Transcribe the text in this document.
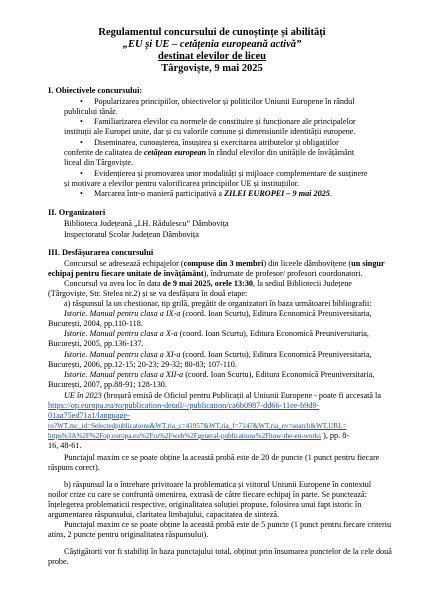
Regulamentul concursului de cunoștințe și abilități
„EU și UE – cetățenia europeană activă”
destinat elevilor de liceu
Târgoviște, 9 mai 2025
I. Obiectivele concursului:
• Popularizarea principiilor, obiectivelor și politicilor Uniunii Europene în rândul
publicului tânăr.
• Familiarizarea elevilor cu normele de constituire și funcționare ale principalelor
instituții ale Europei unite, dar și cu valorile comune și dimensiunile identității europene.
• Diseminarea, cunoașterea, însușirea și exercitarea atributelor și obligațiilor
conferite de calitatea de cetățean european în rândul elevilor din unitățile de învățământ
liceal din Târgoviște.
• Evidențierea și promovarea unor modalități și mijloace complementare de susținere
și motivare a elevilor pentru valorificarea principiilor UE și instituțiilor.
• Marcarea într-o manieră participativă a ZILEI EUROPEI – 9 mai 2025.
II. Organizatori
Biblioteca Județeană „I.H. Rădulescu” Dâmbovița
Inspectoratul Școlar Județean Dâmbovița
III. Desfășurarea concursului
Concursul se adresează echipajelor (compuse din 3 membri) din liceele dâmbovițene (un singur
echipaj pentru fiecare unitate de învățământ), îndrumate de profesor/ profesori coordonatori.
Concursul va avea loc în data de 9 mai 2025, orele 13:30, la sediul Bibliotecii Județene
(Târgoviște, Str. Stelea nr.2) și se va desfășura în două etape:
a) răspunsul la un chestionar, tip grilă, pregătit de organizatori în baza următoarei bibliografii:
Istorie. Manual pentru clasa a IX-a (coord. Ioan Scurtu), Editura Economică Preuniversitaria,
București, 2004, pp.110-118.
Istorie. Manual pentru clasa a X-a (coord. Ioan Scurtu), Editura Economică Preuniversitaria,
București, 2005, pp.136-137.
Istorie. Manual pentru clasa a XI-a (coord. Ioan Scurtu), Editura Economică Preuniversitaria,
București, 2006, pp.12-15; 20-23; 29-32; 80-83; 107-110.
Istorie. Manual pentru clasa a XII-a (coord. Ioan Scurtu), Editura Economică Preuniversitaria,
București, 2007, pp.88-91; 128-130.
UE în 2023 (broșură emisă de Oficiul pentru Publicații al Uniunii Europene - poate fi accesată la
https://op.europa.eu/ro/publication-detail/-/publication/ca6b0987-dd66-11ee-b9d9-
01aa75ed71a1/language-
ro?WT.mc_id=Selectedpublications&WT.ria_c=41957&WT.ria_f=7147&WT.ria_ev=search&WT.URL=
https%3A%2F%2Fop.europa.eu%2Fro%2Fweb%2Fgeneral-publications%2Fhow-the-eu-works ), pp. 8-
16, 48-61.
Punctajul maxim ce se poate obține la această probă este de 20 de puncte (1 punct pentru fiecare
răspuns corect).
b) răspunsul la o întrebare privitoare la problematica și viitorul Uniunii Europene în contextul
noilor crize cu care se confruntă omenirea, extrasă de către fiecare echipaj în parte. Se punctează:
înțelegerea problematicii respective, originalitatea soluției propuse, folosirea unui fapt istoric în
argumentarea răspunsului, claritatea limbajului, capacitatea de sinteză.
Punctajul maxim ce se poate obține la această probă este de 5 puncte (1 punct pentru fiecare criteriu
atins, 2 puncte pentru originalitatea răspunsului).
Câștigătorii vor fi stabiliți în baza punctajului total, obținut prin însumarea punctelor de la cele două
probe.
